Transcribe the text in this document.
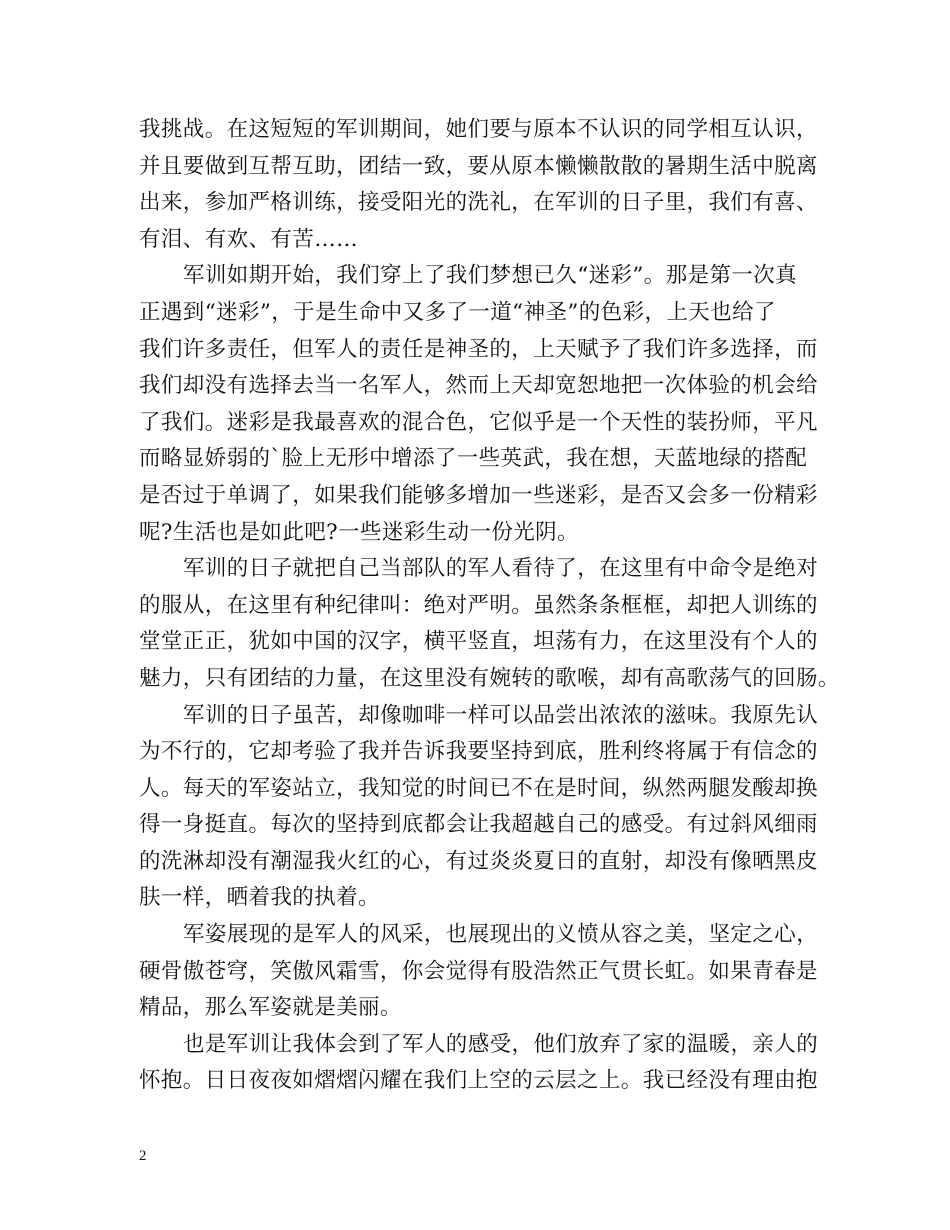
我挑战。在这短短的军训期间，她们要与原本不认识的同学相互认识，
并且要做到互帮互助，团结一致，要从原本懒懒散散的暑期生活中脱离
出来，参加严格训练，接受阳光的洗礼，在军训的日子里，我们有喜、
有泪、有欢、有苦……
军训如期开始，我们穿上了我们梦想已久“迷彩”。那是第一次真
正遇到“迷彩”，于是生命中又多了一道“神圣”的色彩，上天也给了
我们许多责任，但军人的责任是神圣的，上天赋予了我们许多选择，而
我们却没有选择去当一名军人，然而上天却宽恕地把一次体验的机会给
了我们。迷彩是我最喜欢的混合色，它似乎是一个天性的装扮师，平凡
而略显娇弱的`脸上无形中增添了一些英武，我在想，天蓝地绿的搭配
是否过于单调了，如果我们能够多增加一些迷彩，是否又会多一份精彩
呢?生活也是如此吧?一些迷彩生动一份光阴。
军训的日子就把自己当部队的军人看待了，在这里有中命令是绝对
的服从，在这里有种纪律叫：绝对严明。虽然条条框框，却把人训练的
堂堂正正，犹如中国的汉字，横平竖直，坦荡有力，在这里没有个人的
魅力，只有团结的力量，在这里没有婉转的歌喉，却有高歌荡气的回肠。
军训的日子虽苦，却像咖啡一样可以品尝出浓浓的滋味。我原先认
为不行的，它却考验了我并告诉我要坚持到底，胜利终将属于有信念的
人。每天的军姿站立，我知觉的时间已不在是时间，纵然两腿发酸却换
得一身挺直。每次的坚持到底都会让我超越自己的感受。有过斜风细雨
的洗淋却没有潮湿我火红的心，有过炎炎夏日的直射，却没有像晒黑皮
肤一样，晒着我的执着。
军姿展现的是军人的风采，也展现出的义愤从容之美，坚定之心，
硬骨傲苍穹，笑傲风霜雪，你会觉得有股浩然正气贯长虹。如果青春是
精品，那么军姿就是美丽。
也是军训让我体会到了军人的感受，他们放弃了家的温暖，亲人的
怀抱。日日夜夜如熠熠闪耀在我们上空的云层之上。我已经没有理由抱
2
